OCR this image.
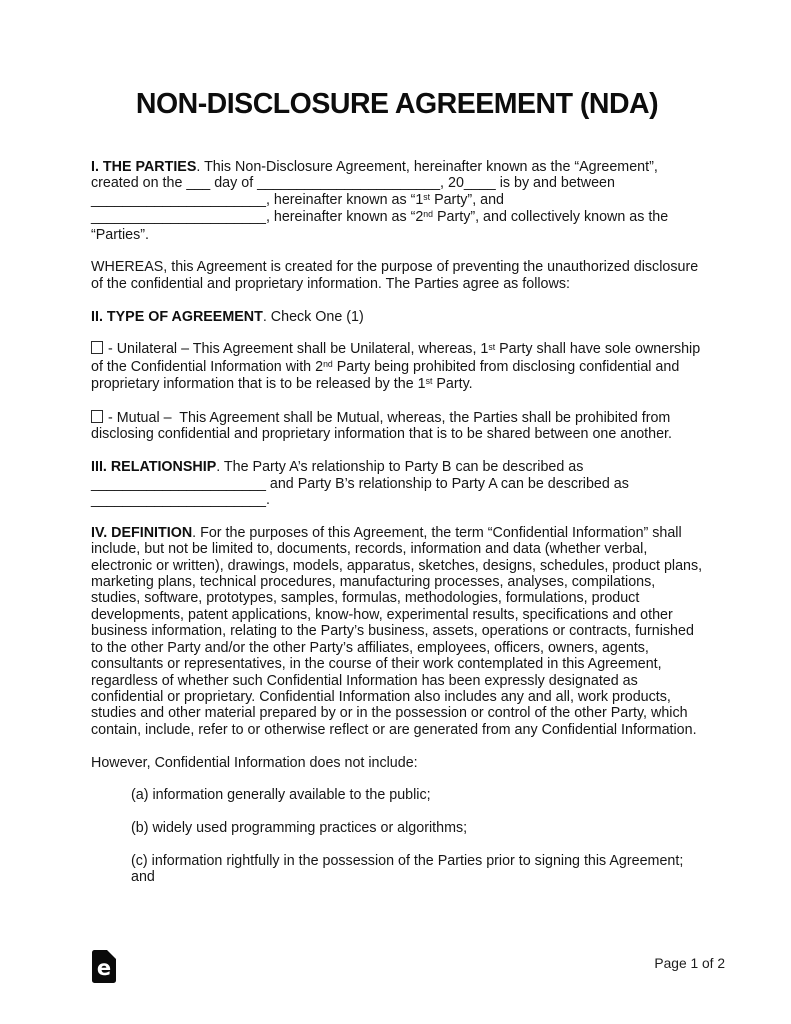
NON-DISCLOSURE AGREEMENT (NDA)

I. THE PARTIES. This Non-Disclosure Agreement, hereinafter known as the “Agreement”,
created on the ___ day of _______________________, 20____ is by and between
______________________, hereinafter known as “1st Party”, and
______________________, hereinafter known as “2nd Party”, and collectively known as the
“Parties”.

WHEREAS, this Agreement is created for the purpose of preventing the unauthorized disclosure of the confidential and proprietary information. The Parties agree as follows:

II. TYPE OF AGREEMENT. Check One (1)

- Unilateral – This Agreement shall be Unilateral, whereas, 1st Party shall have sole ownership of the Confidential Information with 2nd Party being prohibited from disclosing confidential and proprietary information that is to be released by the 1st Party.

- Mutual –  This Agreement shall be Mutual, whereas, the Parties shall be prohibited from disclosing confidential and proprietary information that is to be shared between one another.

III. RELATIONSHIP. The Party A’s relationship to Party B can be described as
______________________ and Party B’s relationship to Party A can be described as
______________________.

IV. DEFINITION. For the purposes of this Agreement, the term “Confidential Information” shall include, but not be limited to, documents, records, information and data (whether verbal, electronic or written), drawings, models, apparatus, sketches, designs, schedules, product plans, marketing plans, technical procedures, manufacturing processes, analyses, compilations, studies, software, prototypes, samples, formulas, methodologies, formulations, product developments, patent applications, know-how, experimental results, specifications and other business information, relating to the Party’s business, assets, operations or contracts, furnished to the other Party and/or the other Party’s affiliates, employees, officers, owners, agents, consultants or representatives, in the course of their work contemplated in this Agreement, regardless of whether such Confidential Information has been expressly designated as confidential or proprietary. Confidential Information also includes any and all, work products, studies and other material prepared by or in the possession or control of the other Party, which contain, include, refer to or otherwise reflect or are generated from any Confidential Information.

However, Confidential Information does not include:

(a) information generally available to the public;

(b) widely used programming practices or algorithms;

(c) information rightfully in the possession of the Parties prior to signing this Agreement; and

e	Page 1 of 2
